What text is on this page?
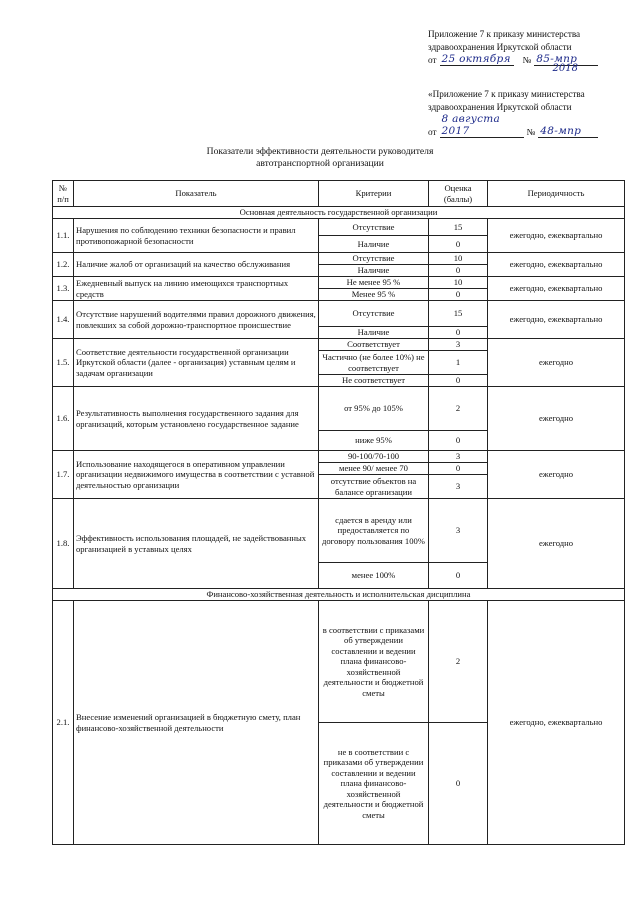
Приложение 7 к приказу министерства
здравоохранения Иркутской области
от 25 октября № 85-мпр
2018
«Приложение 7 к приказу министерства
здравоохранения Иркутской области
от
8 августа 2017	№ 48-мпр
Показатели эффективности деятельности руководителя
автотранспортной организации
№ п/п	Показатель	Критерии	Оценка (баллы)	Периодичность
Основная деятельность государственной организации				
1.1.	Нарушения по соблюдению техники безопасности и правил противопожарной безопасности	Отсутствие	15	ежегодно, ежеквартально
		Наличие	0	
1.2.	Наличие жалоб от организаций на качество обслуживания	Отсутствие	10	ежегодно, ежеквартально
		Наличие	0	
1.3.	Ежедневный выпуск на линию имеющихся транспортных средств	Не менее 95 %	10	ежегодно, ежеквартально
		Менее 95 %	0	
1.4.	Отсутствие нарушений водителями правил дорожного движения, повлекших за собой дорожно-транспортное происшествие	Отсутствие	15	ежегодно, ежеквартально
		Наличие	0	
1.5.	Соответствие деятельности государственной организации Иркутской области (далее - организация) уставным целям и задачам организации	Соответствует	3	ежегодно
		Частично (не более 10%) не соответствует	1	
		Не соответствует	0	
1.6.	Результативность выполнения государственного задания для организаций, которым установлено государственное задание	от 95% до 105%	2	ежегодно
		ниже 95%	0	
1.7.	Использование находящегося в оперативном управлении организации недвижимого имущества в соответствии с уставной деятельностью организации	90-100/70-100	3	ежегодно
		менее 90/ менее 70	0	
		отсутствие объектов на балансе организации	3	
1.8.	Эффективность использования площадей, не задействованных организацией в уставных целях	сдается в аренду или предоставляется по договору пользования 100%	3	ежегодно
		менее 100%	0	
Финансово-хозяйственная деятельность и исполнительская дисциплина				
2.1.	Внесение изменений организацией в бюджетную смету, план финансово-хозяйственной деятельности	в соответствии с приказами об утверждении составлении и ведении плана финансово-хозяйственной деятельности и бюджетной сметы	2	ежегодно, ежеквартально
		не в соответствии с приказами об утверждении составлении и ведении плана финансово-хозяйственной деятельности и бюджетной сметы	0	
